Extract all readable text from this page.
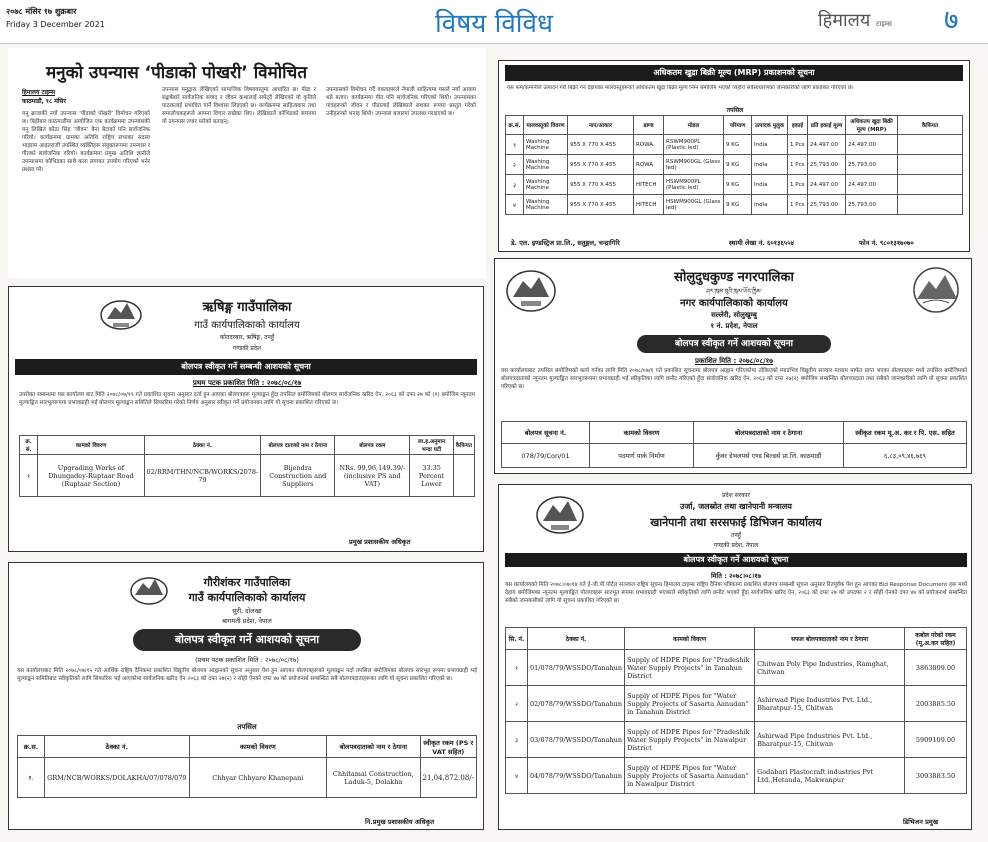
२०७८ मंसिर १७ शुक्रबार
Friday 3 December 2021	विषय विविध	हिमालय टाइम्स ७
मनुको उपन्यास ‘पीडाको पोखरी’ विमोचित
हिमालय टाइम्स
काठमाडौं, १८ मंसिर
मनु ब्राजाकी नयाँ उपन्यास ‘पीडाको पोखरी’ विमोचन गरिएको छ। बिहीबार काठमाडौंमा आयोजित एक कार्यक्रममा उपन्यासकी मनु लिखित कोठा सिंह ‘जीवन’ बैना बेटाको पनि सार्वजनिक गरियो। कार्यक्रममा ग्रामका अतिथि राष्ट्रिय सभाका सदस्य भाइराम आइतराजी उपस्थित व्यक्तिहरू संयुक्तरूपमा उपन्यास र गीतको सार्वजनिक गरियो। कार्यक्रममा प्रमुख अतिथि ज्ञानीले उपन्यासमा कोभिडका साथै कला लगायत उपयोग गरिएको भनेर प्रशंसा गरे।
उपन्यास मनुद्वारा लेखिएको सामाजिक विषयवस्तुमा आधारित छ। पीडा र सङ्घर्षबारे सार्वजनिक संवाद र जीवन कथालाई समेट्दै लेखिएको यो कृतिले पाठकलाई प्रभावित पार्ने विश्वास लिइएको छ। कार्यक्रममा साहित्यकार तथा समालोचकहरूले आफ्ना विचार राखेका थिए। लेखिकाले कोभिडको समयमा यो उपन्यास तयार पारेको बताइन्।
उपन्यासको विमोचन गर्दै वक्ताहरूले नेपाली साहित्यमा यसले नयाँ आयाम थप्ने बताए। कार्यक्रममा गीत पनि सार्वजनिक गरिएको थियो। उपन्यासका पात्रहरूको जीवन र पीडालाई लेखिकाले सशक्त रूपमा प्रस्तुत गरेको उनीहरूको भनाइ थियो। उपन्यास बजारमा उपलब्ध गराइएको छ।
अधिकतम खुद्रा बिक्री मूल्य (MRP) प्रकाशनको सूचना
यस फर्म/कम्पनीले उत्पादन गरी बिक्री गर्ने देहायका मालवस्तुहरूको अधिकतम खुद्रा बिक्री मूल्य निम्न बमोजिम भएको व्यहोरा सर्वसाधारणको जानकारीको लागि प्रकाशित गरिएको छ।
तपसिल
क्र.सं.	मालवस्तुको विवरण	नाप/आकार	ब्राण्ड	मोडल	परिमाण	उत्पादक मुलुक	इकाई	प्रति इकाई मूल्य	अधिकतम खुद्रा बिक्री मूल्य (MRP)	कैफियत
१	Washing Machine	955 X 770 X 455	ROWA	RSWM900PL (Plastic led)	9 KG	India	1 Pcs	24,497.00	24,497.00	
२	Washing Machine	955 X 770 X 455	ROWA	RSWM900GL (Glass led)	9 KG	India	1 Pcs	25,793.00	25,793.00	
३	Washing Machine	955 X 770 X 455	HITECH	HSWM900PL (Plastic led)	9 KG	India	1 Pcs	24,497.00	24,497.00	
४	Washing Machine	955 X 770 X 455	HITECH	HSWM900GL (Glass led)	9 KG	India	1 Pcs	25,793.00	25,793.00	
डे. एल. इण्डस्ट्रिज प्रा.लि., सतुङ्गल, चन्द्रागिरि	स्थायी लेखा नं. ६०१३६५५४	फोन नं. ९८०१३१७०७०
ऋषिङ्ग गाउँपालिका
गाउँ कार्यपालिकाको कार्यालय
कोतदरबार, ऋषिङ्ग, तनहुँ
गण्डकी प्रदेश
बोलपत्र स्वीकृत गर्ने सम्बन्धी आशयको सूचना
प्रथम पटक प्रकाशित मिति : २०७८/०८/१७
उपरोक्त सम्बन्धमा यस कार्यालय बाट मिति २०७८/०७/१९ गते प्रकाशित सूचना अनुसार दर्ता हुन आएका बोलपत्रहरू मूल्याङ्कन हुँदा तपसिल बमोजिमको बोलपत्र सार्वजनिक खरिद ऐन, २०६३ को दफा २७ को (१) बमोजिम न्यूनतम मूल्याङ्कित सारभूतरूपमा प्रभावग्राही भई बोलपत्र मूल्याङ्कन समितिले सिफारिस गरेको निर्णय अनुसार स्वीकृत गर्ने प्रयोजनका लागि यो सूचना प्रकाशित गरिएको छ।
क्र. सं.	कामको विवरण	ठेक्का नं.	बोलपत्र दाताको नाम र ठेगाना	बोलपत्र रकम	ला.इ.अनुमान भन्दा घटी	कैफियत
१	Upgrading Works of Dhungadey-Ruptaar Road (Ruptaar Section)	02/RRM/THN/NCB/WORKS/2078-79	Bijendra Construction and Suppliers	NRs. 99,96,149.39/- (inclusive PS and VAT)	33.35 Percent Lower	
प्रमुख प्रशासकीय अधिकृत
सोलुदुधकुण्ड नगरपालिका
ཤར་ཁུམ་བུའི་ཁུལ་ཡོང་ཁྱིམ་
नगर कार्यपालिकाको कार्यालय
सल्लेरी, सोलुखुम्बु
१ नं. प्रदेश, नेपाल
बोलपत्र स्वीकृत गर्ने आशयको सूचना
प्रकाशित मिति : २०७८/०८/१७
यस कार्यालयबाट तपसिल बमोजिमको कार्य गर्नका लागि मिति २०७८/०७/१ गते प्रकाशित सूचनामा बोलपत्र आह्वान गरिएकोमा तोकिएको म्यादभित्र विद्युतीय सञ्चार माध्यम मार्फत प्राप्त भएका बोलपत्रहरू मध्ये तपसिल बमोजिमको बोलपत्रदाताको न्यूनतम मूल्याङ्कित सारभूतरूपमा प्रभावग्राही भई स्वीकृतिका लागि छनौट गरिएको हुँदा सार्वजनिक खरिद ऐन, २०६३ को दफा २७(२) बमोजिम सम्बन्धित बोलपत्रदाता तथा सबैको जानकारीको लागि यो सूचना प्रकाशित गरिएको छ।
बोलपत्र सूचना नं.	कामको विवरण	बोलपत्रदाताको नाम र ठेगाना	स्वीकृत रकम मू.अ. कर र पि. एस. सहित
078/79/Con/01	पदमार्ग पार्क निर्माण	कुँवर डेभलपर्स एण्ड बिल्डर्स प्रा.लि. काठमाडौं	६,८३,०९,४६,७६९
गौरीशंकर गाउँपालिका
गाउँ कार्यपालिकाको कार्यालय
सुरी, दोलखा
बागमती प्रदेश, नेपाल
बोलपत्र स्वीकृत गर्ने आशयको सूचना
(प्रथम पटक प्रकाशित मिति : २०७८/०८/१७)
यस कार्यालयबाट मिति २०७८/०७/१५ गते आर्थिक राष्ट्रिय दैनिकमा प्रकाशित विद्युतीय बोलपत्र आह्वानको सूचना अनुसार पेश हुन आएका बोलपत्रहरूको मूल्याङ्कन गर्दा तपसिल बमोजिमका बोलपत्र सारभूत रूपमा प्रभावग्राही भई मूल्याङ्कन समितिबाट स्वीकृतिको लागि सिफारिस भई आएकोमा सार्वजनिक खरिद ऐन २०६३ को दफा २७(२) र सोही ऐनको दफा ४७ को प्रयोजनार्थ सम्बन्धित सबै बोलपत्रदाताहरूका लागि यो सूचना प्रकाशित गरिएको छ।
तपसिल
क्र.स.	ठेक्का नं.	कामको विवरण	बोलपत्रदाताको नाम र ठेगाना	स्वीकृत रकम (PS र VAT सहित)
१.	GRM/NCB/WORKS/DOLAKHA/07/078/079	Chhyar Chhyare Khanepani	Chhitamai Construction, Laduk-5, Dolakha	21,04,872.08/-
नि.प्रमुख प्रशासकीय अधिकृत
प्रदेश सरकार
उर्जा, जलस्रोत तथा खानेपानी मन्त्रालय
खानेपानी तथा सरसफाई डिभिजन कार्यालय
तनहुँ
गण्डकी प्रदेश, नेपाल
बोलपत्र स्वीकृत गर्ने आशयको सूचना
मिति : २०७८।०८।१७
यस कार्यालयको मिति २०७८।०७।१४ गते ई-जी.पी.पोर्टल सञ्जाल राष्ट्रिय सूचना हिमालय टाइम्स राष्ट्रिय दैनिक पत्रिकामा प्रकाशित बोलपत्र सम्बन्धी सूचना अनुसार रितपूर्वक पेश हुन आएका Bid Response Document हरू मध्ये देहाय बमोजिमका न्यूनतम मूल्याङ्कित पोलपत्रहरू सारभूत रूपमा प्रभावग्राही भएकाले स्वीकृतिको लागि छनौट भएको हुँदा सार्वजनिक खरिद ऐन, २०६३ को दफा २७ को उपदफा २ र सोही ऐनको दफा ४७ को प्रयोजनार्थ सम्बन्धित सबैको जानकारीको लागि यो सूचना प्रकाशित गरिएको छ।
सि. नं.	ठेक्का नं.	कामको विवरण	सफल बोलपत्रदाताको नाम र ठेगाना	कबोल गरेको रकम (मू.अ.कर सहित)
१	01/078/79/WSSDO/Tanahun	Supply of HDPE Pipes for "Pradeshik Water Supply Projects" in Tanahun District	Chitwan Poly Pipe Industries, Ramghat, Chitwan	3863809.00
२	02/078/79/WSSDO/Tanahun	Supply of HDPE Pipes for "Water Supply Projects of Sasarta Aanudan" in Tanahun District	Ashirwad Pipe Industries Pvt. Ltd., Bharatpur-15, Chitwan	2003885.50
३	03/078/79/WSSDO/Tanahun	Supply of HDPE Pipes for "Pradeshik Water Supply Projects" in Nawalpur District	Ashirwad Pipe Industries Pvt. Ltd., Bharatpur-15, Chitwan	5909109.00
४	04/078/79/WSSDO/Tanahun	Supply of HDPE Pipes for "Water Supply Projects of Sasarta Aanudan" in Nawalpur District	Godabari Plastocraft industries Pvt Ltd.,Hetauda, Makwanpur	3093883.50
डिभिजन प्रमुख
